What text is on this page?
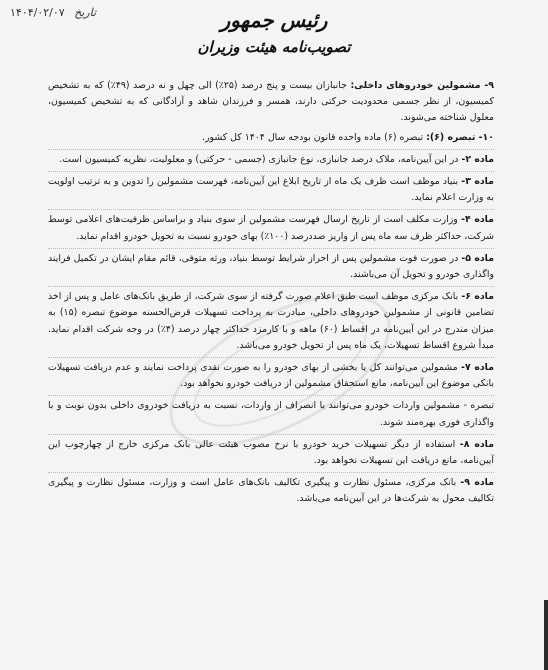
تاریخ ۱۴۰۴/۰۲/۰۷	رئیس جمهور
تصویب‌نامه هیئت وزیران

۹- مشمولین خودروهای داخلی: جانبازان بیست و پنج درصد (۲۵٪) الی چهل و نه درصد (۴۹٪) که به تشخیص کمیسیون، از نظر جسمی محدودیت حرکتی دارند، همسر و فرزندان شاهد و آزادگانی که به تشخیص کمیسیون، معلول شناخته می‌شوند.

۱۰- تبصره (۶): تبصره (۶) ماده واحده قانون بودجه سال ۱۴۰۴ کل کشور.

ماده ۲- در این آیین‌نامه، ملاک درصد جانبازی، نوع جانبازی (جسمی - حرکتی) و معلولیت، نظریه کمیسیون است.

ماده ۳- بنیاد موظف است ظرف یک ماه از تاریخ ابلاغ این آیین‌نامه، فهرست مشمولین را تدوین و به ترتیب اولویت به وزارت اعلام نماید.

ماده ۴- وزارت مکلف است از تاریخ ارسال فهرست مشمولین از سوی بنیاد و براساس ظرفیت‌های اعلامی توسط شرکت، حداکثر ظرف سه ماه پس از واریز صددرصد (۱۰۰٪) بهای خودرو نسبت به تحویل خودرو اقدام نماید.

ماده ۵- در صورت فوت مشمولین پس از احراز شرایط توسط بنیاد، ورثه متوفی، قائم مقام ایشان در تکمیل فرایند واگذاری خودرو و تحویل آن می‌باشند.

ماده ۶- بانک مرکزی موظف است طبق اعلام صورت گرفته از سوی شرکت، از طریق بانک‌های عامل و پس از اخذ تضامین قانونی از مشمولین خودروهای داخلی، مبادرت به پرداخت تسهیلات قرض‌الحسنه موضوع تبصره (۱۵) به میزان مندرج در این آیین‌نامه در اقساط (۶۰) ماهه و با کارمزد حداکثر چهار درصد (۴٪) در وجه شرکت اقدام نماید. مبدأ شروع اقساط تسهیلات، یک ماه پس از تحویل خودرو می‌باشد.

ماده ۷- مشمولین می‌توانند کل یا بخشی از بهای خودرو را به صورت نقدی پرداخت نمایند و عدم دریافت تسهیلات بانکی موضوع این آیین‌نامه، مانع استحقاق مشمولین از دریافت خودرو نخواهد بود.

تبصره - مشمولین واردات خودرو می‌توانند با انصراف از واردات، نسبت به دریافت خودروی داخلی بدون نوبت و با واگذاری فوری بهره‌مند شوند.

ماده ۸- استفاده از دیگر تسهیلات خرید خودرو با نرخ مصوب هیئت عالی بانک مرکزی خارج از چهارچوب این آیین‌نامه، مانع دریافت این تسهیلات نخواهد بود.

ماده ۹- بانک مرکزی، مسئول نظارت و پیگیری تکالیف بانک‌های عامل است و وزارت، مسئول نظارت و پیگیری تکالیف محول به شرکت‌ها در این آیین‌نامه می‌باشد.
